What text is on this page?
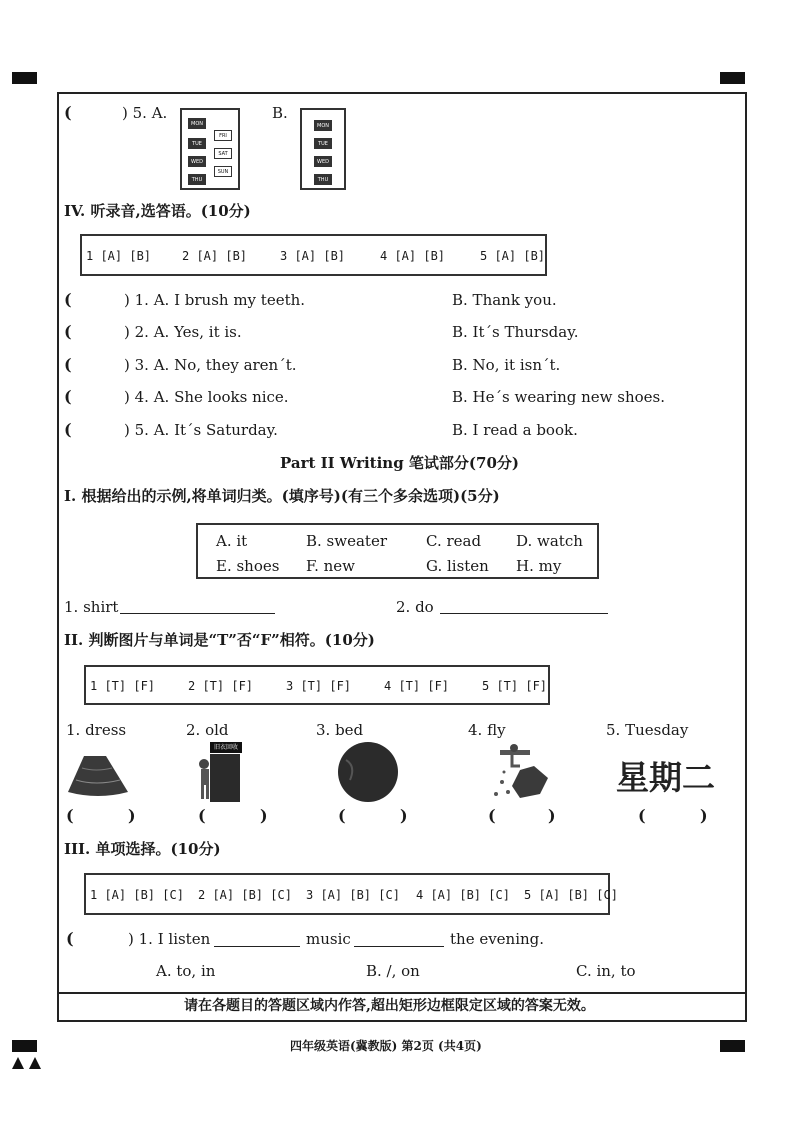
(	) 5. A.
MON
FRI
TUE
SAT
WED
SUN
THU
B.
MON
TUE
WED
THU
IV. 听录音,选答语。(10分)
1 [A] [B]	2 [A] [B]	3 [A] [B]	4 [A] [B]	5 [A] [B]
(	) 1. A. I brush my teeth.	B. Thank you.
(	) 2. A. Yes, it is.	B. It´s Thursday.
(	) 3. A. No, they aren´t.	B. No, it isn´t.
(	) 4. A. She looks nice.	B. He´s wearing new shoes.
(	) 5. A. It´s Saturday.	B. I read a book.
Part II Writing 笔试部分(70分)
I. 根据给出的示例,将单词归类。(填序号)(有三个多余选项)(5分)
A. it	B. sweater	C. read D. watch
E. shoes F. new	G. listen H. my
1. shirt	2. do
II. 判断图片与单词是“T”否“F”相符。(10分)
1 [T] [F]	2 [T] [F]	3 [T] [F]	4 [T] [F]	5 [T] [F]
1. dress	2. old	3. bed	4. fly	5. Tuesday
旧衣回收
星期二
(	)	(	)	(	)	(	)	(	)
III. 单项选择。(10分)
1 [A] [B] [C] 2 [A] [B] [C] 3 [A] [B] [C] 4 [A] [B] [C] 5 [A] [B] [C]
(	) 1. I listen	music	the evening.
A. to, in	B. /, on	C. in, to
请在各题目的答题区域内作答,超出矩形边框限定区域的答案无效。
四年级英语(冀教版) 第2页 (共4页)
